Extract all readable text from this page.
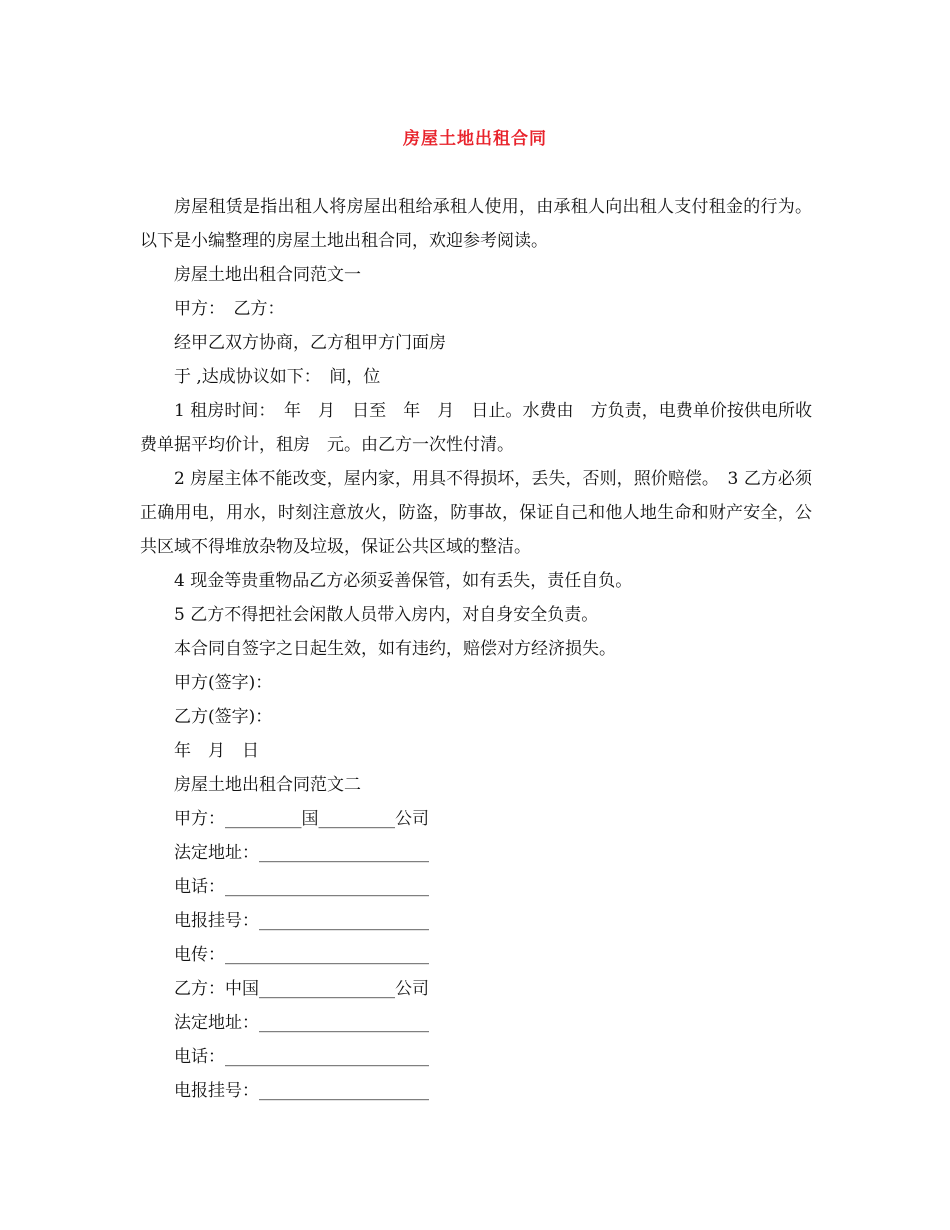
房屋土地出租合同

房屋租赁是指出租人将房屋出租给承租人使用，由承租人向出租人支付租金的行为。以下是小编整理的房屋土地出租合同，欢迎参考阅读。

房屋土地出租合同范文一

甲方：　乙方：

经甲乙双方协商，乙方租甲方门面房

于 ,达成协议如下：　间，位

1 租房时间：　年　月　日至　年　月　日止。水费由　方负责，电费单价按供电所收费单据平均价计，租房　元。由乙方一次性付清。

2 房屋主体不能改变，屋内家，用具不得损坏，丢失，否则，照价赔偿。　3 乙方必须正确用电，用水，时刻注意放火，防盗，防事故，保证自己和他人地生命和财产安全，公共区域不得堆放杂物及垃圾，保证公共区域的整洁。

4 现金等贵重物品乙方必须妥善保管，如有丢失，责任自负。

5 乙方不得把社会闲散人员带入房内，对自身安全负责。

本合同自签字之日起生效，如有违约，赔偿对方经济损失。

甲方(签字)：

乙方(签字)：

年　月　日

房屋土地出租合同范文二

甲方：_________国_________公司

法定地址：____________________

电话：________________________

电报挂号：____________________

电传：________________________

乙方：中国________________公司

法定地址：____________________

电话：________________________

电报挂号：____________________
